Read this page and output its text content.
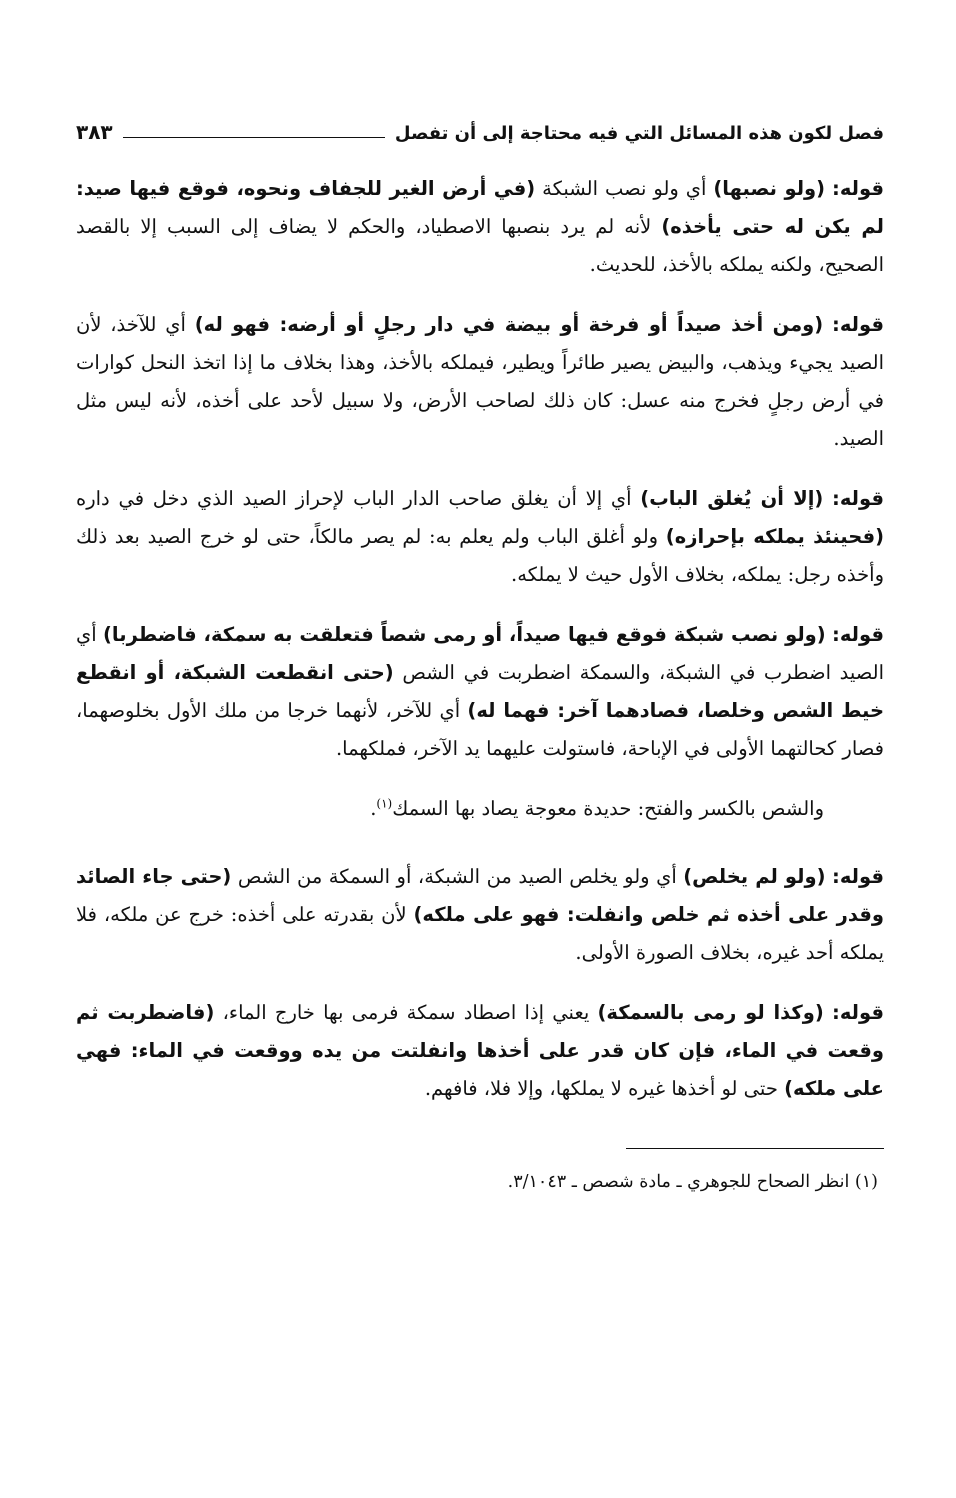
فصل لكون هذه المسائل التي فيه محتاجة إلى أن تفصل
٣٨٣

قوله: (ولو نصبها) أي ولو نصب الشبكة (في أرض الغير للجفاف ونحوه، فوقع فيها صيد: لم يكن له حتى يأخذه) لأنه لم يرد بنصبها الاصطياد، والحكم لا يضاف إلى السبب إلا بالقصد الصحيح، ولكنه يملكه بالأخذ، للحديث.

قوله: (ومن أخذ صيداً أو فرخة أو بيضة في دار رجلٍ أو أرضه: فهو له) أي للآخذ، لأن الصيد يجيء ويذهب، والبيض يصير طائراً ويطير، فيملكه بالأخذ، وهذا بخلاف ما إذا اتخذ النحل كوارات في أرض رجلٍ فخرج منه عسل: كان ذلك لصاحب الأرض، ولا سبيل لأحد على أخذه، لأنه ليس مثل الصيد.

قوله: (إلا أن يُغلق الباب) أي إلا أن يغلق صاحب الدار الباب لإحراز الصيد الذي دخل في داره (فحينئذ يملكه بإحرازه) ولو أغلق الباب ولم يعلم به: لم يصر مالكاً، حتى لو خرج الصيد بعد ذلك وأخذه رجل: يملكه، بخلاف الأول حيث لا يملكه.

قوله: (ولو نصب شبكة فوقع فيها صيداً، أو رمى شصاً فتعلقت به سمكة، فاضطربا) أي الصيد اضطرب في الشبكة، والسمكة اضطربت في الشص (حتى انقطعت الشبكة، أو انقطع خيط الشص وخلصا، فصادهما آخر: فهما له) أي للآخر، لأنهما خرجا من ملك الأول بخلوصهما، فصار كحالتهما الأولى في الإباحة، فاستولت عليهما يد الآخر، فملكهما.

والشص بالكسر والفتح: حديدة معوجة يصاد بها السمك$^{(١)}$.

قوله: (ولو لم يخلص) أي ولو يخلص الصيد من الشبكة، أو السمكة من الشص (حتى جاء الصائد وقدر على أخذه ثم خلص وانفلت: فهو على ملكه) لأن بقدرته على أخذه: خرج عن ملكه، فلا يملكه أحد غيره، بخلاف الصورة الأولى.

قوله: (وكذا لو رمى بالسمكة) يعني إذا اصطاد سمكة فرمى بها خارج الماء، (فاضطربت ثم وقعت في الماء، فإن كان قدر على أخذها وانفلتت من يده ووقعت في الماء: فهي على ملكه) حتى لو أخذها غيره لا يملكها، وإلا فلا، فافهم.

(١) انظر الصحاح للجوهري ـ مادة شصص ـ ٣/١٠٤٣.
